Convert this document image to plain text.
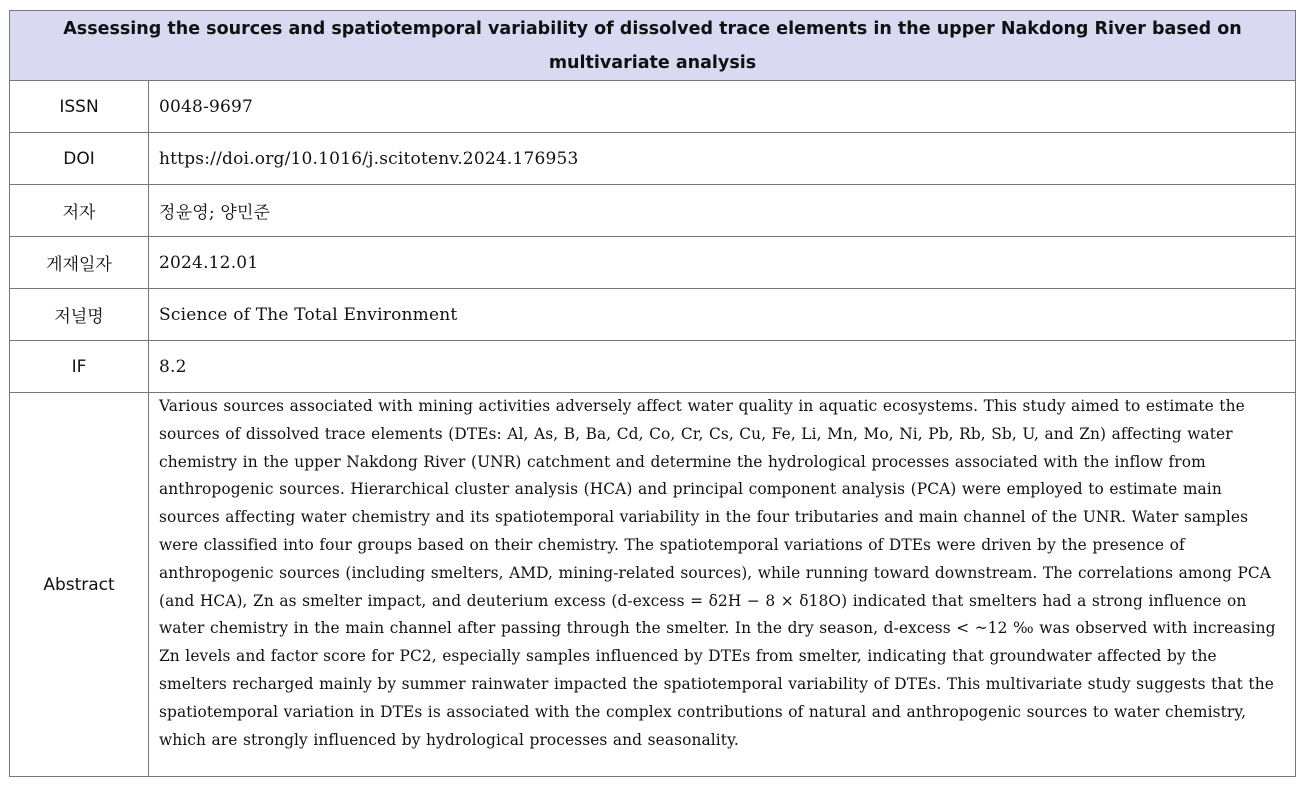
Assessing the sources and spatiotemporal variability of dissolved trace elements in the upper Nakdong River based on multivariate analysis	
ISSN	0048-9697
DOI	https://doi.org/10.1016/j.scitotenv.2024.176953
저자	정윤영; 양민준
게재일자	2024.12.01
저널명	Science of The Total Environment
IF	8.2
Abstract	Various sources associated with mining activities adversely affect water quality in aquatic ecosystems. This study aimed to estimate the sources of dissolved trace elements (DTEs: Al, As, B, Ba, Cd, Co, Cr, Cs, Cu, Fe, Li, Mn, Mo, Ni, Pb, Rb, Sb, U, and Zn) affecting water chemistry in the upper Nakdong River (UNR) catchment and determine the hydrological processes associated with the inflow from anthropogenic sources. Hierarchical cluster analysis (HCA) and principal component analysis (PCA) were employed to estimate main sources affecting water chemistry and its spatiotemporal variability in the four tributaries and main channel of the UNR. Water samples were classified into four groups based on their chemistry. The spatiotemporal variations of DTEs were driven by the presence of anthropogenic sources (including smelters, AMD, mining-related sources), while running toward downstream. The correlations among PCA (and HCA), Zn as smelter impact, and deuterium excess (d-excess = δ2H − 8 × δ18O) indicated that smelters had a strong influence on water chemistry in the main channel after passing through the smelter. In the dry season, d-excess < ~12 ‰ was observed with increasing Zn levels and factor score for PC2, especially samples influenced by DTEs from smelter, indicating that groundwater affected by the smelters recharged mainly by summer rainwater impacted the spatiotemporal variability of DTEs. This multivariate study suggests that the spatiotemporal variation in DTEs is associated with the complex contributions of natural and anthropogenic sources to water chemistry, which are strongly influenced by hydrological processes and seasonality.
